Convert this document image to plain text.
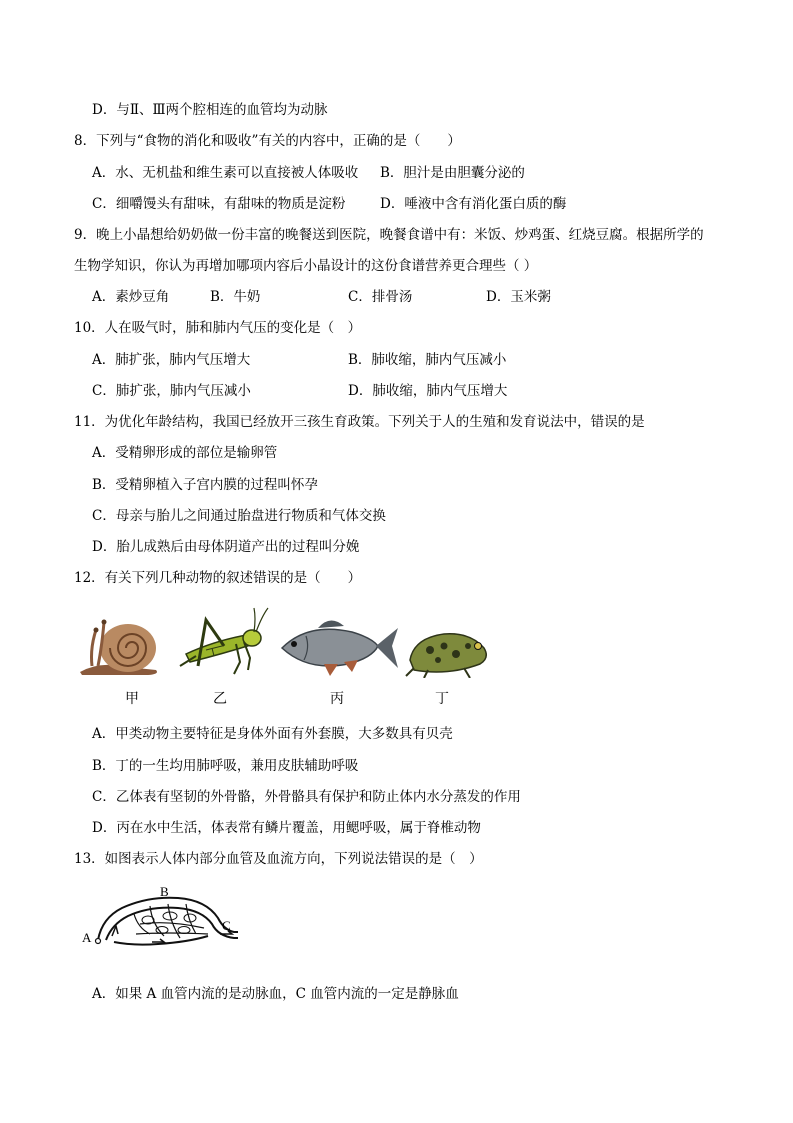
D．与Ⅱ、Ⅲ两个腔相连的血管均为动脉
8．下列与“食物的消化和吸收”有关的内容中，正确的是（　　）
A．水、无机盐和维生素可以直接被人体吸收 B．胆汁是由胆囊分泌的
C．细嚼馒头有甜味，有甜味的物质是淀粉	D．唾液中含有消化蛋白质的酶
9．晚上小晶想给奶奶做一份丰富的晚餐送到医院，晚餐食谱中有：米饭、炒鸡蛋、红烧豆腐。根据所学的
生物学知识，你认为再增加哪项内容后小晶设计的这份食谱营养更合理些（ ）
A．素炒豆角	B．牛奶	C．排骨汤	D．玉米粥
10．人在吸气时，肺和肺内气压的变化是（　）
A．肺扩张，肺内气压增大	B．肺收缩，肺内气压减小
C．肺扩张，肺内气压减小	D．肺收缩，肺内气压增大
11．为优化年龄结构，我国已经放开三孩生育政策。下列关于人的生殖和发育说法中，错误的是
A．受精卵形成的部位是输卵管
B．受精卵植入子宫内膜的过程叫怀孕
C．母亲与胎儿之间通过胎盘进行物质和气体交换
D．胎儿成熟后由母体阴道产出的过程叫分娩
12．有关下列几种动物的叙述错误的是（　　）
甲	乙	丙	丁
A．甲类动物主要特征是身体外面有外套膜，大多数具有贝壳
B．丁的一生均用肺呼吸，兼用皮肤辅助呼吸
C．乙体表有坚韧的外骨骼，外骨骼具有保护和防止体内水分蒸发的作用
D．丙在水中生活，体表常有鳞片覆盖，用鳃呼吸，属于脊椎动物
13．如图表示人体内部分血管及血流方向，下列说法错误的是（　）
A
B
C
A．如果 A 血管内流的是动脉血，C 血管内流的一定是静脉血
